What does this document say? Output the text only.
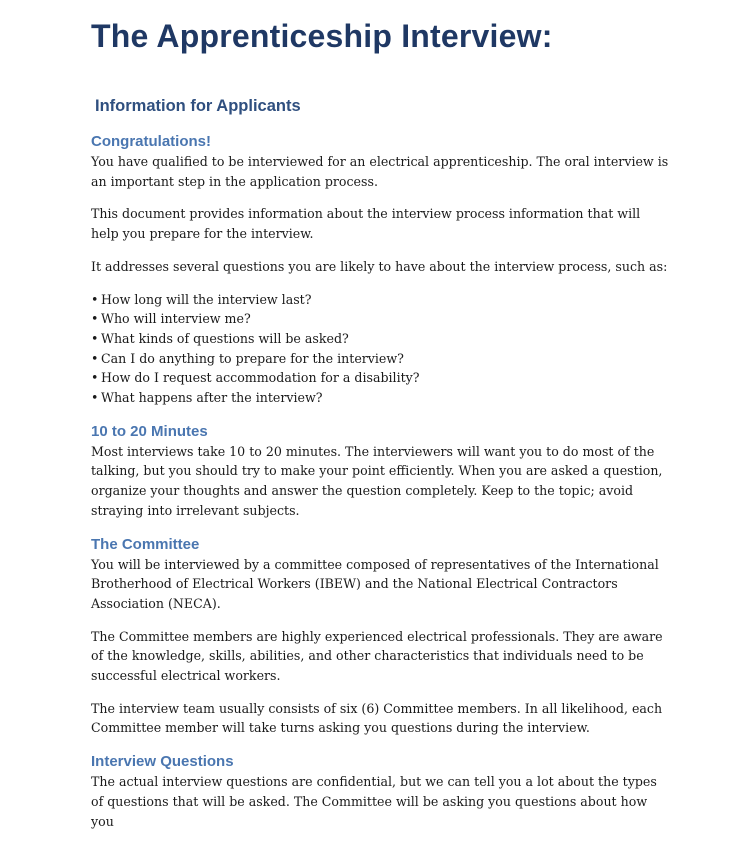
The Apprenticeship Interview:
Information for Applicants
Congratulations!

You have qualified to be interviewed for an electrical apprenticeship. The oral interview is an important step in the application process.

This document provides information about the interview process information that will help you prepare for the interview.

It addresses several questions you are likely to have about the interview process, such as:

• How long will the interview last?
• Who will interview me?
• What kinds of questions will be asked?
• Can I do anything to prepare for the interview?
• How do I request accommodation for a disability?
• What happens after the interview?
10 to 20 Minutes

Most interviews take 10 to 20 minutes. The interviewers will want you to do most of the talking, but you should try to make your point efficiently. When you are asked a question, organize your thoughts and answer the question completely. Keep to the topic; avoid straying into irrelevant subjects.

The Committee

You will be interviewed by a committee composed of representatives of the International Brotherhood of Electrical Workers (IBEW) and the National Electrical Contractors Association (NECA).

The Committee members are highly experienced electrical professionals. They are aware of the knowledge, skills, abilities, and other characteristics that individuals need to be successful electrical workers.

The interview team usually consists of six (6) Committee members. In all likelihood, each Committee member will take turns asking you questions during the interview.

Interview Questions

The actual interview questions are confidential, but we can tell you a lot about the types of questions that will be asked. The Committee will be asking you questions about how you
